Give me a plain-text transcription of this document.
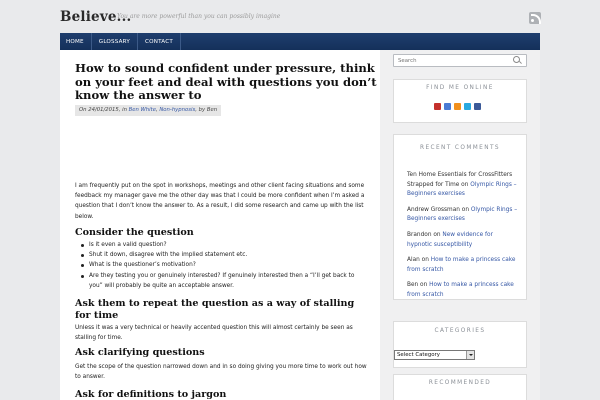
Believe...
You are more powerful than you can possibly imagine
HOME	GLOSSARY	CONTACT
How to sound confident under pressure, think on your feet and deal with questions you don’t know the answer to
On 24/01/2015, in Ben White, Non-hypnosis, by Ben

I am frequently put on the spot in workshops, meetings and other client facing situations and some feedback my manager gave me the other day was that I could be more confident when I’m asked a question that I don’t know the answer to. As a result, I did some research and came up with the list below.

Consider the question
Is it even a valid question?
Shut it down, disagree with the implied statement etc.
What is the questioner’s motivation?
Are they testing you or genuinely interested? If genuinely interested then a “I’ll get back to you” will probably be quite an acceptable answer.
Ask them to repeat the question as a way of stalling for time

Unless it was a very technical or heavily accented question this will almost certainly be seen as stalling for time.

Ask clarifying questions

Get the scope of the question narrowed down and in so doing giving you more time to work out how to answer.

Ask for definitions to jargon
Search
FIND ME ONLINE
RECENT COMMENTS
Ten Home Essentials for CrossFitters Strapped for Time on Olympic Rings – Beginners exercises
Andrew Grossman on Olympic Rings – Beginners exercises
Brandon on New evidence for hypnotic susceptibility
Alan on How to make a princess cake from scratch
Ben on How to make a princess cake from scratch
CATEGORIES
Select Category
RECOMMENDED
